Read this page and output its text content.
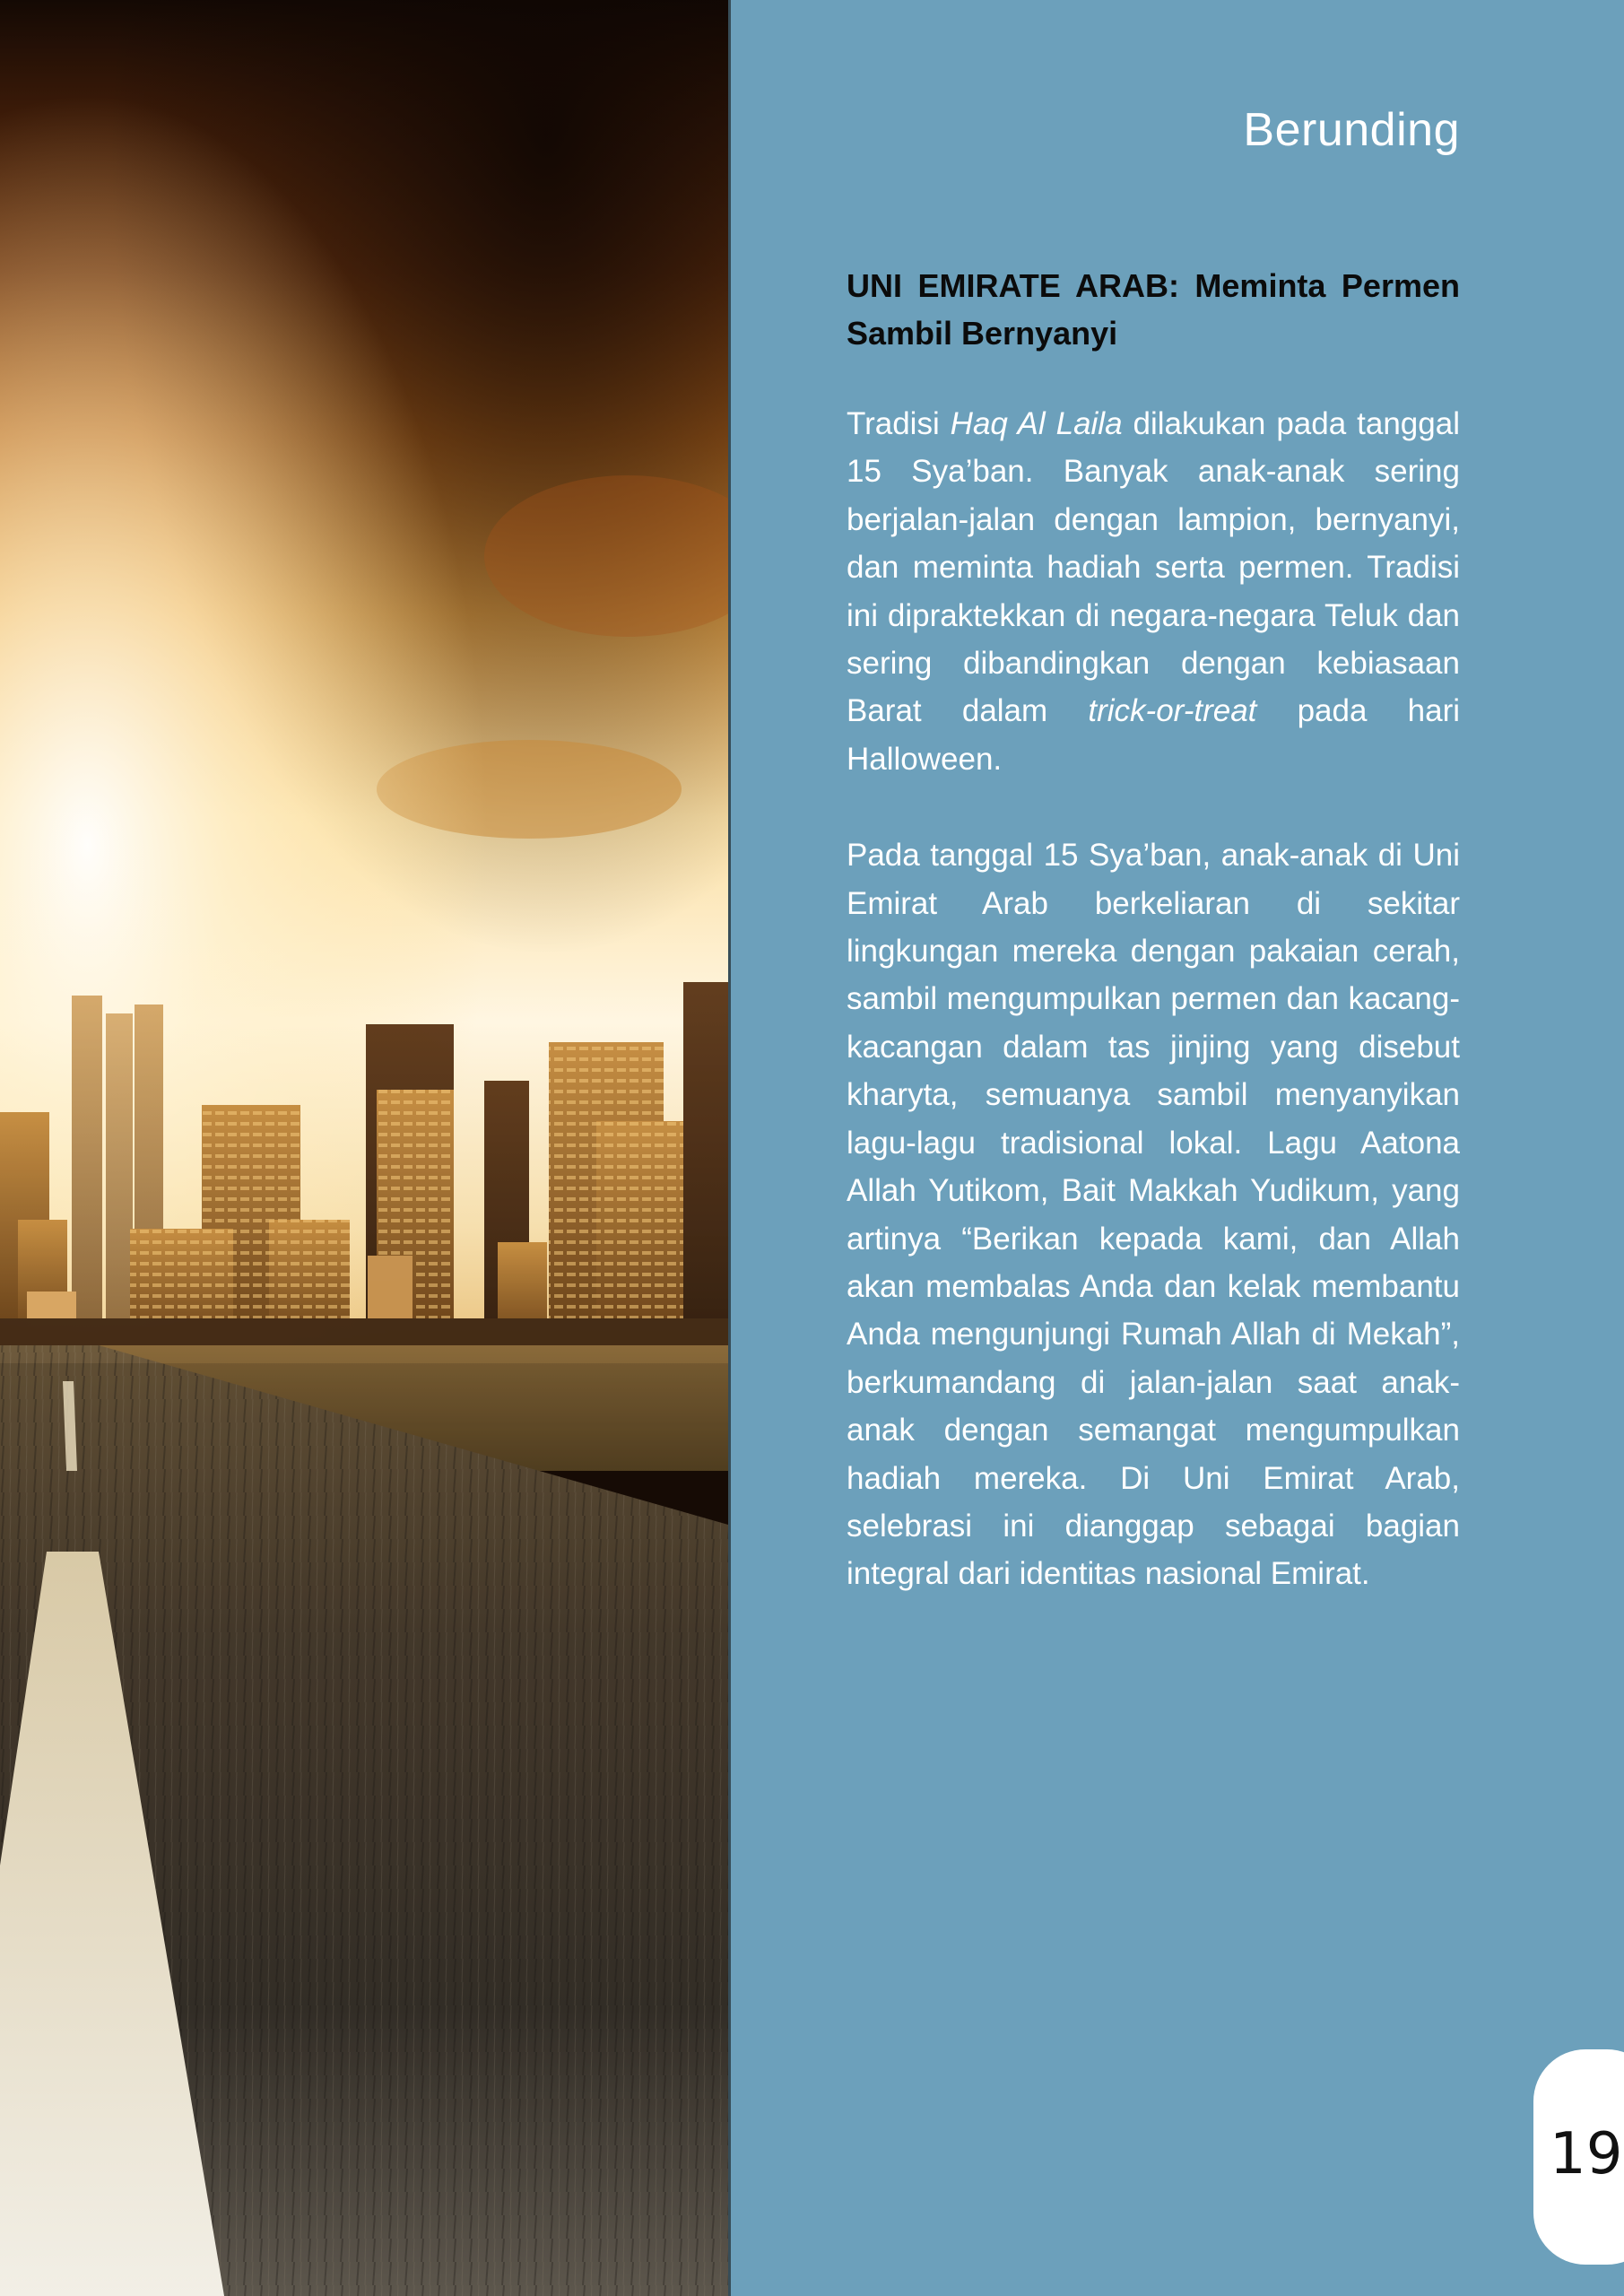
Berunding
UNI EMIRATE ARAB: Meminta Permen Sambil Bernyanyi

Tradisi Haq Al Laila dilakukan pada tanggal 15 Sya’ban. Banyak anak-anak sering berjalan-jalan dengan lampion, bernyanyi, dan meminta hadiah serta permen. Tradisi ini dipraktekkan di negara-negara Teluk dan sering dibandingkan dengan kebiasaan Barat dalam trick-or-treat pada hari Halloween.

Pada tanggal 15 Sya’ban, anak-anak di Uni Emirat Arab berkeliaran di sekitar lingkungan mereka dengan pakaian cerah, sambil mengumpulkan permen dan kacang-kacangan dalam tas jinjing yang disebut kharyta, semuanya sambil menyanyikan lagu-lagu tradisional lokal. Lagu Aatona Allah Yutikom, Bait Makkah Yudikum, yang artinya “Berikan kepada kami, dan Allah akan membalas Anda dan kelak membantu Anda mengunjungi Rumah Allah di Mekah”, berkumandang di jalan-jalan saat anak-anak dengan semangat mengumpulkan hadiah mereka. Di Uni Emirat Arab, selebrasi ini dianggap sebagai bagian integral dari identitas nasional Emirat.

19
